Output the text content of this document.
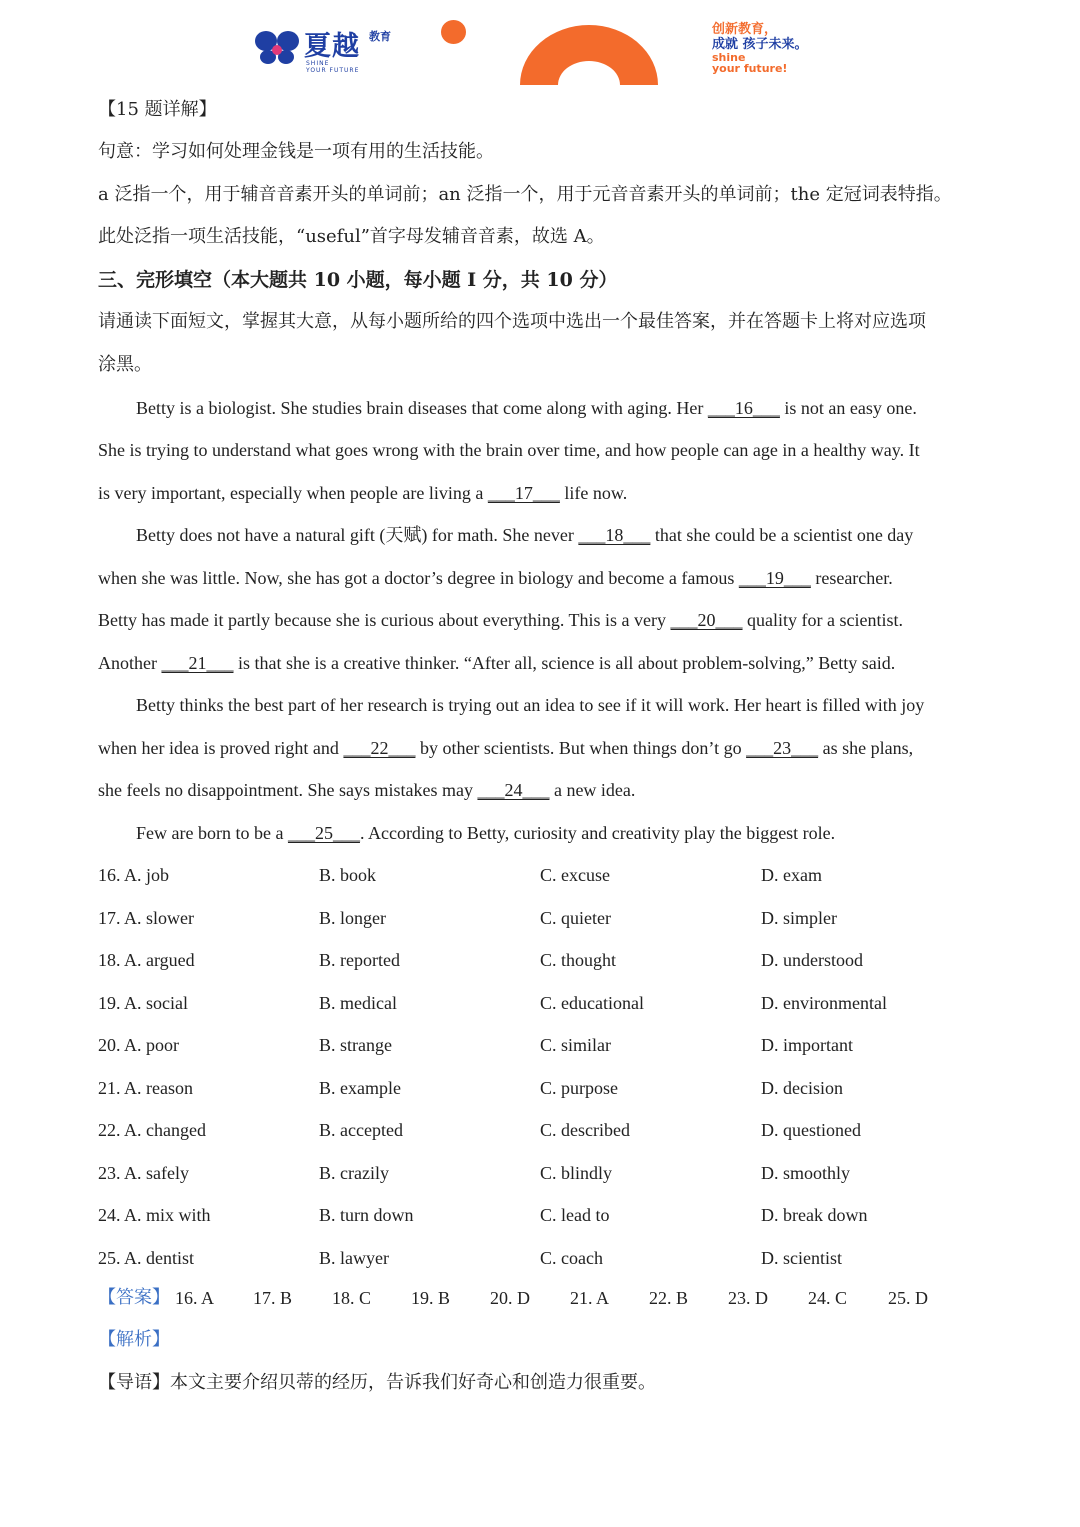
夏越 教育
SHINE
YOUR FUTURE
创新教育，
成就 孩子未来。
shine
your future!
【15 题详解】
句意：学习如何处理金钱是一项有用的生活技能。
a 泛指一个，用于辅音音素开头的单词前；an 泛指一个，用于元音音素开头的单词前；the 定冠词表特指。
此处泛指一项生活技能，“useful”首字母发辅音音素，故选 A。
三、完形填空（本大题共 10 小题，每小题 I 分，共 10 分）
请通读下面短文，掌握其大意，从每小题所给的四个选项中选出一个最佳答案，并在答题卡上将对应选项
涂黑。
Betty is a biologist. She studies brain diseases that come along with aging. Her ___16___ is not an easy one.
She is trying to understand what goes wrong with the brain over time, and how people can age in a healthy way. It
is very important, especially when people are living a ___17___ life now.
Betty does not have a natural gift (天赋) for math. She never ___18___ that she could be a scientist one day
when she was little. Now, she has got a doctor’s degree in biology and become a famous ___19___ researcher.
Betty has made it partly because she is curious about everything. This is a very ___20___ quality for a scientist.
Another ___21___ is that she is a creative thinker. “After all, science is all about problem-solving,” Betty said.
Betty thinks the best part of her research is trying out an idea to see if it will work. Her heart is filled with joy
when her idea is proved right and ___22___ by other scientists. But when things don’t go ___23___ as she plans,
she feels no disappointment. She says mistakes may ___24___ a new idea.
Few are born to be a ___25___. According to Betty, curiosity and creativity play the biggest role.
16. A. job	B. book	C. excuse	D. exam
17. A. slower	B. longer	C. quieter	D. simpler
18. A. argued	B. reported	C. thought	D. understood
19. A. social	B. medical	C. educational	D. environmental
20. A. poor	B. strange	C. similar	D. important
21. A. reason	B. example	C. purpose	D. decision
22. A. changed	B. accepted	C. described	D. questioned
23. A. safely	B. crazily	C. blindly	D. smoothly
24. A. mix with	B. turn down	C. lead to	D. break down
25. A. dentist	B. lawyer	C. coach	D. scientist
【答案】 16. A 17. B 18. C 19. B 20. D 21. A 22. B 23. D 24. C 25. D
【解析】
【导语】本文主要介绍贝蒂的经历，告诉我们好奇心和创造力很重要。
